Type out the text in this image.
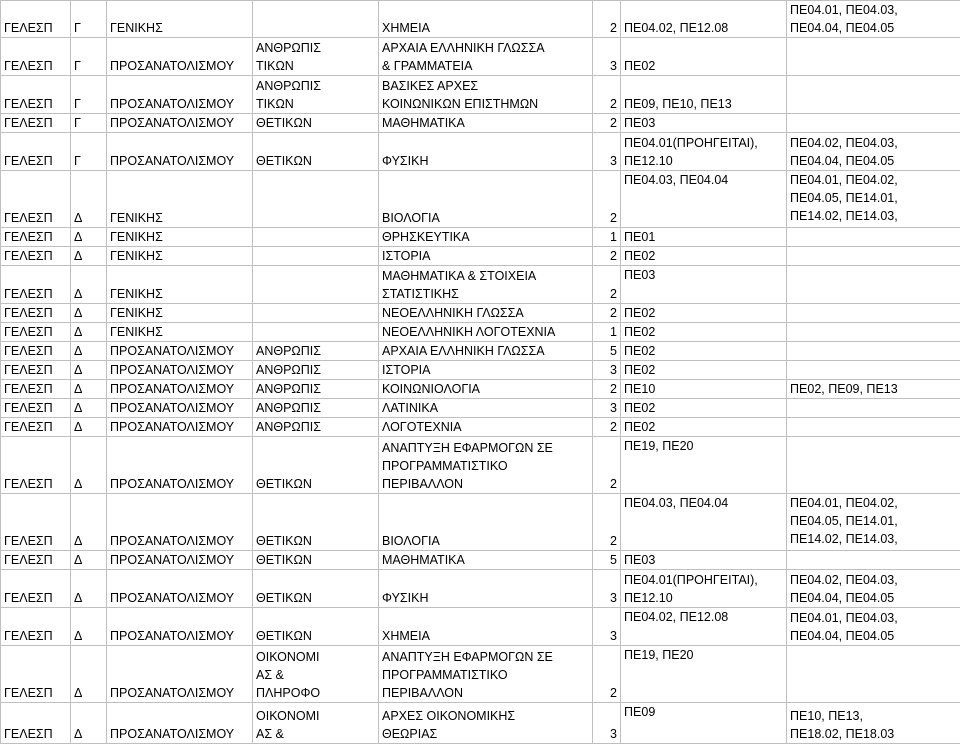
ΓΕΛΕΣΠ	Γ	ΓΕΝΙΚΗΣ		ΧΗΜΕΙΑ	2	ΠΕ04.02, ΠΕ12.08	ΠΕ04.01, ΠΕ04.03,
ΠΕ04.04, ΠΕ04.05
ΓΕΛΕΣΠ	Γ	ΠΡΟΣΑΝΑΤΟΛΙΣΜΟΥ	ΑΝΘΡΩΠΙΣ
ΤΙΚΩΝ	ΑΡΧΑΙΑ ΕΛΛΗΝΙΚΗ ΓΛΩΣΣΑ
& ΓΡΑΜΜΑΤΕΙΑ	3	ΠΕ02	
ΓΕΛΕΣΠ	Γ	ΠΡΟΣΑΝΑΤΟΛΙΣΜΟΥ	ΑΝΘΡΩΠΙΣ
ΤΙΚΩΝ	ΒΑΣΙΚΕΣ ΑΡΧΕΣ
ΚΟΙΝΩΝΙΚΩΝ ΕΠΙΣΤΗΜΩΝ	2	ΠΕ09, ΠΕ10, ΠΕ13	
ΓΕΛΕΣΠ	Γ	ΠΡΟΣΑΝΑΤΟΛΙΣΜΟΥ	ΘΕΤΙΚΩΝ	ΜΑΘΗΜΑΤΙΚΑ	2	ΠΕ03	
ΓΕΛΕΣΠ	Γ	ΠΡΟΣΑΝΑΤΟΛΙΣΜΟΥ	ΘΕΤΙΚΩΝ	ΦΥΣΙΚΗ	3	ΠΕ04.01(ΠΡΟΗΓΕΙΤΑΙ),
ΠΕ12.10	ΠΕ04.02, ΠΕ04.03,
ΠΕ04.04, ΠΕ04.05
ΓΕΛΕΣΠ	Δ	ΓΕΝΙΚΗΣ		ΒΙΟΛΟΓΙΑ	2	ΠΕ04.03, ΠΕ04.04	ΠΕ04.01, ΠΕ04.02,
ΠΕ04.05, ΠΕ14.01,
ΠΕ14.02, ΠΕ14.03,
ΓΕΛΕΣΠ	Δ	ΓΕΝΙΚΗΣ		ΘΡΗΣΚΕΥΤΙΚΑ	1	ΠΕ01	
ΓΕΛΕΣΠ	Δ	ΓΕΝΙΚΗΣ		ΙΣΤΟΡΙΑ	2	ΠΕ02	
ΓΕΛΕΣΠ	Δ	ΓΕΝΙΚΗΣ		ΜΑΘΗΜΑΤΙΚΑ & ΣΤΟΙΧΕΙΑ
ΣΤΑΤΙΣΤΙΚΗΣ	2	ΠΕ03	
ΓΕΛΕΣΠ	Δ	ΓΕΝΙΚΗΣ		ΝΕΟΕΛΛΗΝΙΚΗ ΓΛΩΣΣΑ	2	ΠΕ02	
ΓΕΛΕΣΠ	Δ	ΓΕΝΙΚΗΣ		ΝΕΟΕΛΛΗΝΙΚΗ ΛΟΓΟΤΕΧΝΙΑ	1	ΠΕ02	
ΓΕΛΕΣΠ	Δ	ΠΡΟΣΑΝΑΤΟΛΙΣΜΟΥ	ΑΝΘΡΩΠΙΣ	ΑΡΧΑΙΑ ΕΛΛΗΝΙΚΗ ΓΛΩΣΣΑ	5	ΠΕ02	
ΓΕΛΕΣΠ	Δ	ΠΡΟΣΑΝΑΤΟΛΙΣΜΟΥ	ΑΝΘΡΩΠΙΣ	ΙΣΤΟΡΙΑ	3	ΠΕ02	
ΓΕΛΕΣΠ	Δ	ΠΡΟΣΑΝΑΤΟΛΙΣΜΟΥ	ΑΝΘΡΩΠΙΣ	ΚΟΙΝΩΝΙΟΛΟΓΙΑ	2	ΠΕ10	ΠΕ02, ΠΕ09, ΠΕ13
ΓΕΛΕΣΠ	Δ	ΠΡΟΣΑΝΑΤΟΛΙΣΜΟΥ	ΑΝΘΡΩΠΙΣ	ΛΑΤΙΝΙΚΑ	3	ΠΕ02	
ΓΕΛΕΣΠ	Δ	ΠΡΟΣΑΝΑΤΟΛΙΣΜΟΥ	ΑΝΘΡΩΠΙΣ	ΛΟΓΟΤΕΧΝΙΑ	2	ΠΕ02	
ΓΕΛΕΣΠ	Δ	ΠΡΟΣΑΝΑΤΟΛΙΣΜΟΥ	ΘΕΤΙΚΩΝ	ΑΝΑΠΤΥΞΗ ΕΦΑΡΜΟΓΩΝ ΣΕ
ΠΡΟΓΡΑΜΜΑΤΙΣΤΙΚΟ
ΠΕΡΙΒΑΛΛΟΝ	2	ΠΕ19, ΠΕ20	
ΓΕΛΕΣΠ	Δ	ΠΡΟΣΑΝΑΤΟΛΙΣΜΟΥ	ΘΕΤΙΚΩΝ	ΒΙΟΛΟΓΙΑ	2	ΠΕ04.03, ΠΕ04.04	ΠΕ04.01, ΠΕ04.02,
ΠΕ04.05, ΠΕ14.01,
ΠΕ14.02, ΠΕ14.03,
ΓΕΛΕΣΠ	Δ	ΠΡΟΣΑΝΑΤΟΛΙΣΜΟΥ	ΘΕΤΙΚΩΝ	ΜΑΘΗΜΑΤΙΚΑ	5	ΠΕ03	
ΓΕΛΕΣΠ	Δ	ΠΡΟΣΑΝΑΤΟΛΙΣΜΟΥ	ΘΕΤΙΚΩΝ	ΦΥΣΙΚΗ	3	ΠΕ04.01(ΠΡΟΗΓΕΙΤΑΙ),
ΠΕ12.10	ΠΕ04.02, ΠΕ04.03,
ΠΕ04.04, ΠΕ04.05
ΓΕΛΕΣΠ	Δ	ΠΡΟΣΑΝΑΤΟΛΙΣΜΟΥ	ΘΕΤΙΚΩΝ	ΧΗΜΕΙΑ	3	ΠΕ04.02, ΠΕ12.08	ΠΕ04.01, ΠΕ04.03,
ΠΕ04.04, ΠΕ04.05
ΓΕΛΕΣΠ	Δ	ΠΡΟΣΑΝΑΤΟΛΙΣΜΟΥ	ΟΙΚΟΝΟΜΙ
ΑΣ &
ΠΛΗΡΟΦΟ	ΑΝΑΠΤΥΞΗ ΕΦΑΡΜΟΓΩΝ ΣΕ
ΠΡΟΓΡΑΜΜΑΤΙΣΤΙΚΟ
ΠΕΡΙΒΑΛΛΟΝ	2	ΠΕ19, ΠΕ20	
ΓΕΛΕΣΠ	Δ	ΠΡΟΣΑΝΑΤΟΛΙΣΜΟΥ	ΟΙΚΟΝΟΜΙ
ΑΣ &	ΑΡΧΕΣ ΟΙΚΟΝΟΜΙΚΗΣ
ΘΕΩΡΙΑΣ	3	ΠΕ09	ΠΕ10, ΠΕ13,
ΠΕ18.02, ΠΕ18.03
